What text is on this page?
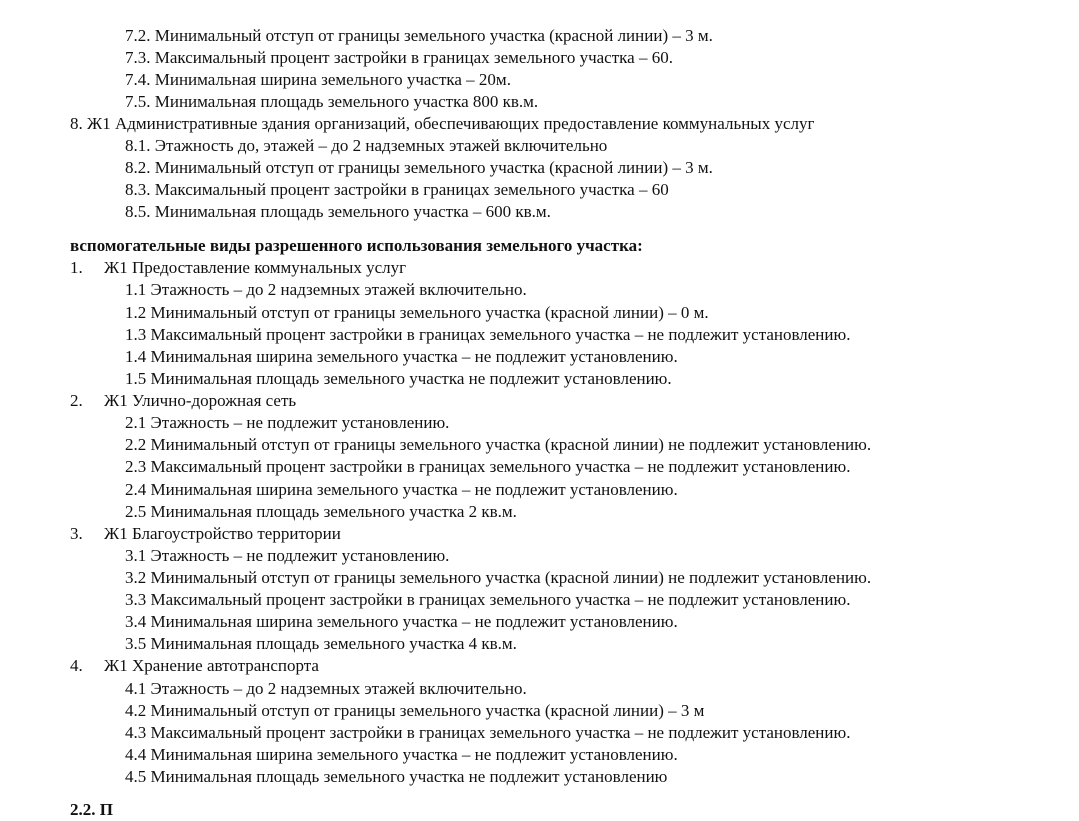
7.2. Минимальный отступ от границы земельного участка (красной линии) – 3 м.
7.3. Максимальный процент застройки в границах земельного участка – 60.
7.4. Минимальная ширина земельного участка – 20м.
7.5. Минимальная площадь земельного участка 800 кв.м.
8. Ж1 Административные здания организаций, обеспечивающих предоставление коммунальных услуг
8.1. Этажность до, этажей – до 2 надземных этажей включительно
8.2. Минимальный отступ от границы земельного участка (красной линии) – 3 м.
8.3. Максимальный процент застройки в границах земельного участка – 60
8.5. Минимальная площадь земельного участка – 600 кв.м.
вспомогательные виды разрешенного использования земельного участка:
1. Ж1 Предоставление коммунальных услуг
1.1 Этажность – до 2 надземных этажей включительно.
1.2 Минимальный отступ от границы земельного участка (красной линии) – 0 м.
1.3 Максимальный процент застройки в границах земельного участка – не подлежит установлению.
1.4 Минимальная ширина земельного участка – не подлежит установлению.
1.5 Минимальная площадь земельного участка не подлежит установлению.
2. Ж1 Улично-дорожная сеть
2.1 Этажность – не подлежит установлению.
2.2 Минимальный отступ от границы земельного участка (красной линии) не подлежит установлению.
2.3 Максимальный процент застройки в границах земельного участка – не подлежит установлению.
2.4 Минимальная ширина земельного участка – не подлежит установлению.
2.5 Минимальная площадь земельного участка 2 кв.м.
3. Ж1 Благоустройство территории
3.1 Этажность – не подлежит установлению.
3.2 Минимальный отступ от границы земельного участка (красной линии) не подлежит установлению.
3.3 Максимальный процент застройки в границах земельного участка – не подлежит установлению.
3.4 Минимальная ширина земельного участка – не подлежит установлению.
3.5 Минимальная площадь земельного участка 4 кв.м.
4. Ж1 Хранение автотранспорта
4.1 Этажность – до 2 надземных этажей включительно.
4.2 Минимальный отступ от границы земельного участка (красной линии) – 3 м
4.3 Максимальный процент застройки в границах земельного участка – не подлежит установлению.
4.4 Минимальная ширина земельного участка – не подлежит установлению.
4.5 Минимальная площадь земельного участка не подлежит установлению
2.2. П
